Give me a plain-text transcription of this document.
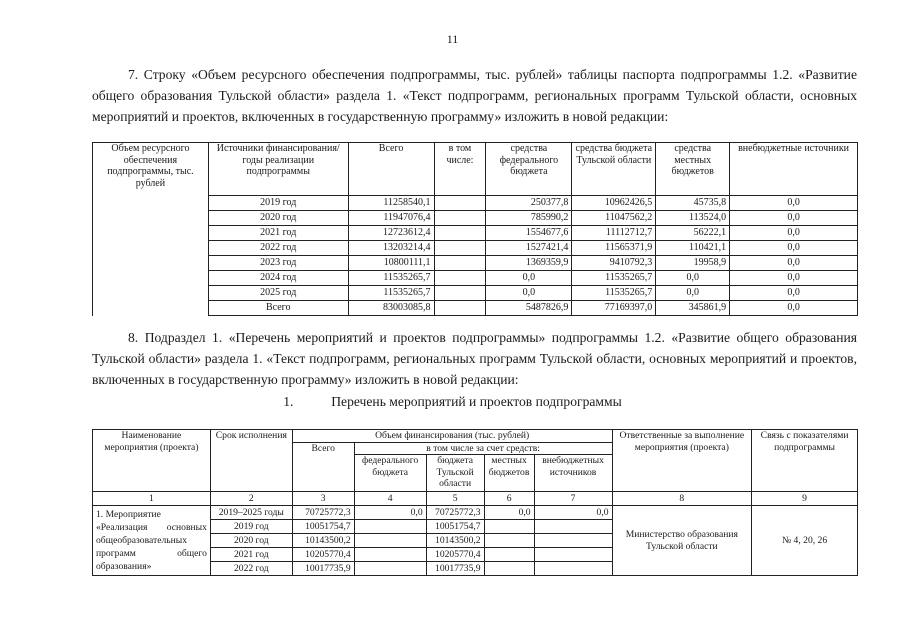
11
7. Строку «Объем ресурсного обеспечения подпрограммы, тыс. рублей» таблицы паспорта подпрограммы 1.2. «Развитие общего образования Тульской области» раздела 1. «Текст подпрограмм, региональных программ Тульской области, основных мероприятий и проектов, включенных в государственную программу» изложить в новой редакции:
Объем ресурсного обеспечения подпрограммы, тыс. рублей	Источники финансирования/годы реализации подпрограммы	Всего	в том числе:	средства федерального бюджета	средства бюджета Тульской области	средства местных бюджетов	внебюджетные источники
	2019 год	11258540,1		250377,8	10962426,5	45735,8	0,0
	2020 год	11947076,4		785990,2	11047562,2	113524,0	0,0
	2021 год	12723612,4		1554677,6	11112712,7	56222,1	0,0
	2022 год	13203214,4		1527421,4	11565371,9	110421,1	0,0
	2023 год	10800111,1		1369359,9	9410792,3	19958,9	0,0
	2024 год	11535265,7		0,0	11535265,7	0,0	0,0
	2025 год	11535265,7		0,0	11535265,7	0,0	0,0
	Всего	83003085,8		5487826,9	77169397,0	345861,9	0,0
8. Подраздел 1. «Перечень мероприятий и проектов подпрограммы» подпрограммы 1.2. «Развитие общего образования Тульской области» раздела 1. «Текст подпрограмм, региональных программ Тульской области, основных мероприятий и проектов, включенных в государственную программу» изложить в новой редакции:
1.	Перечень мероприятий и проектов подпрограммы
Наименование мероприятия (проекта)	Срок исполнения	Объем финансирования (тыс. рублей)					Ответственные за выполнение мероприятия (проекта)	Связь с показателями подпрограммы
		Всего	в том числе за счет средств:					
			федерального бюджета	бюджета Тульской области	местных бюджетов	внебюджетных источников		
1	2	3	4	5	6	7	8	9

1. Мероприятие
«Реализация основных
общеобразовательных
программ общего
образования»	2019–2025 годы	70725772,3	0,0	70725772,3	0,0	0,0	Министерство образования Тульской области	№ 4, 20, 26
	2019 год	10051754,7		10051754,7				
	2020 год	10143500,2		10143500,2				
	2021 год	10205770,4		10205770,4				
	2022 год	10017735,9		10017735,9				
